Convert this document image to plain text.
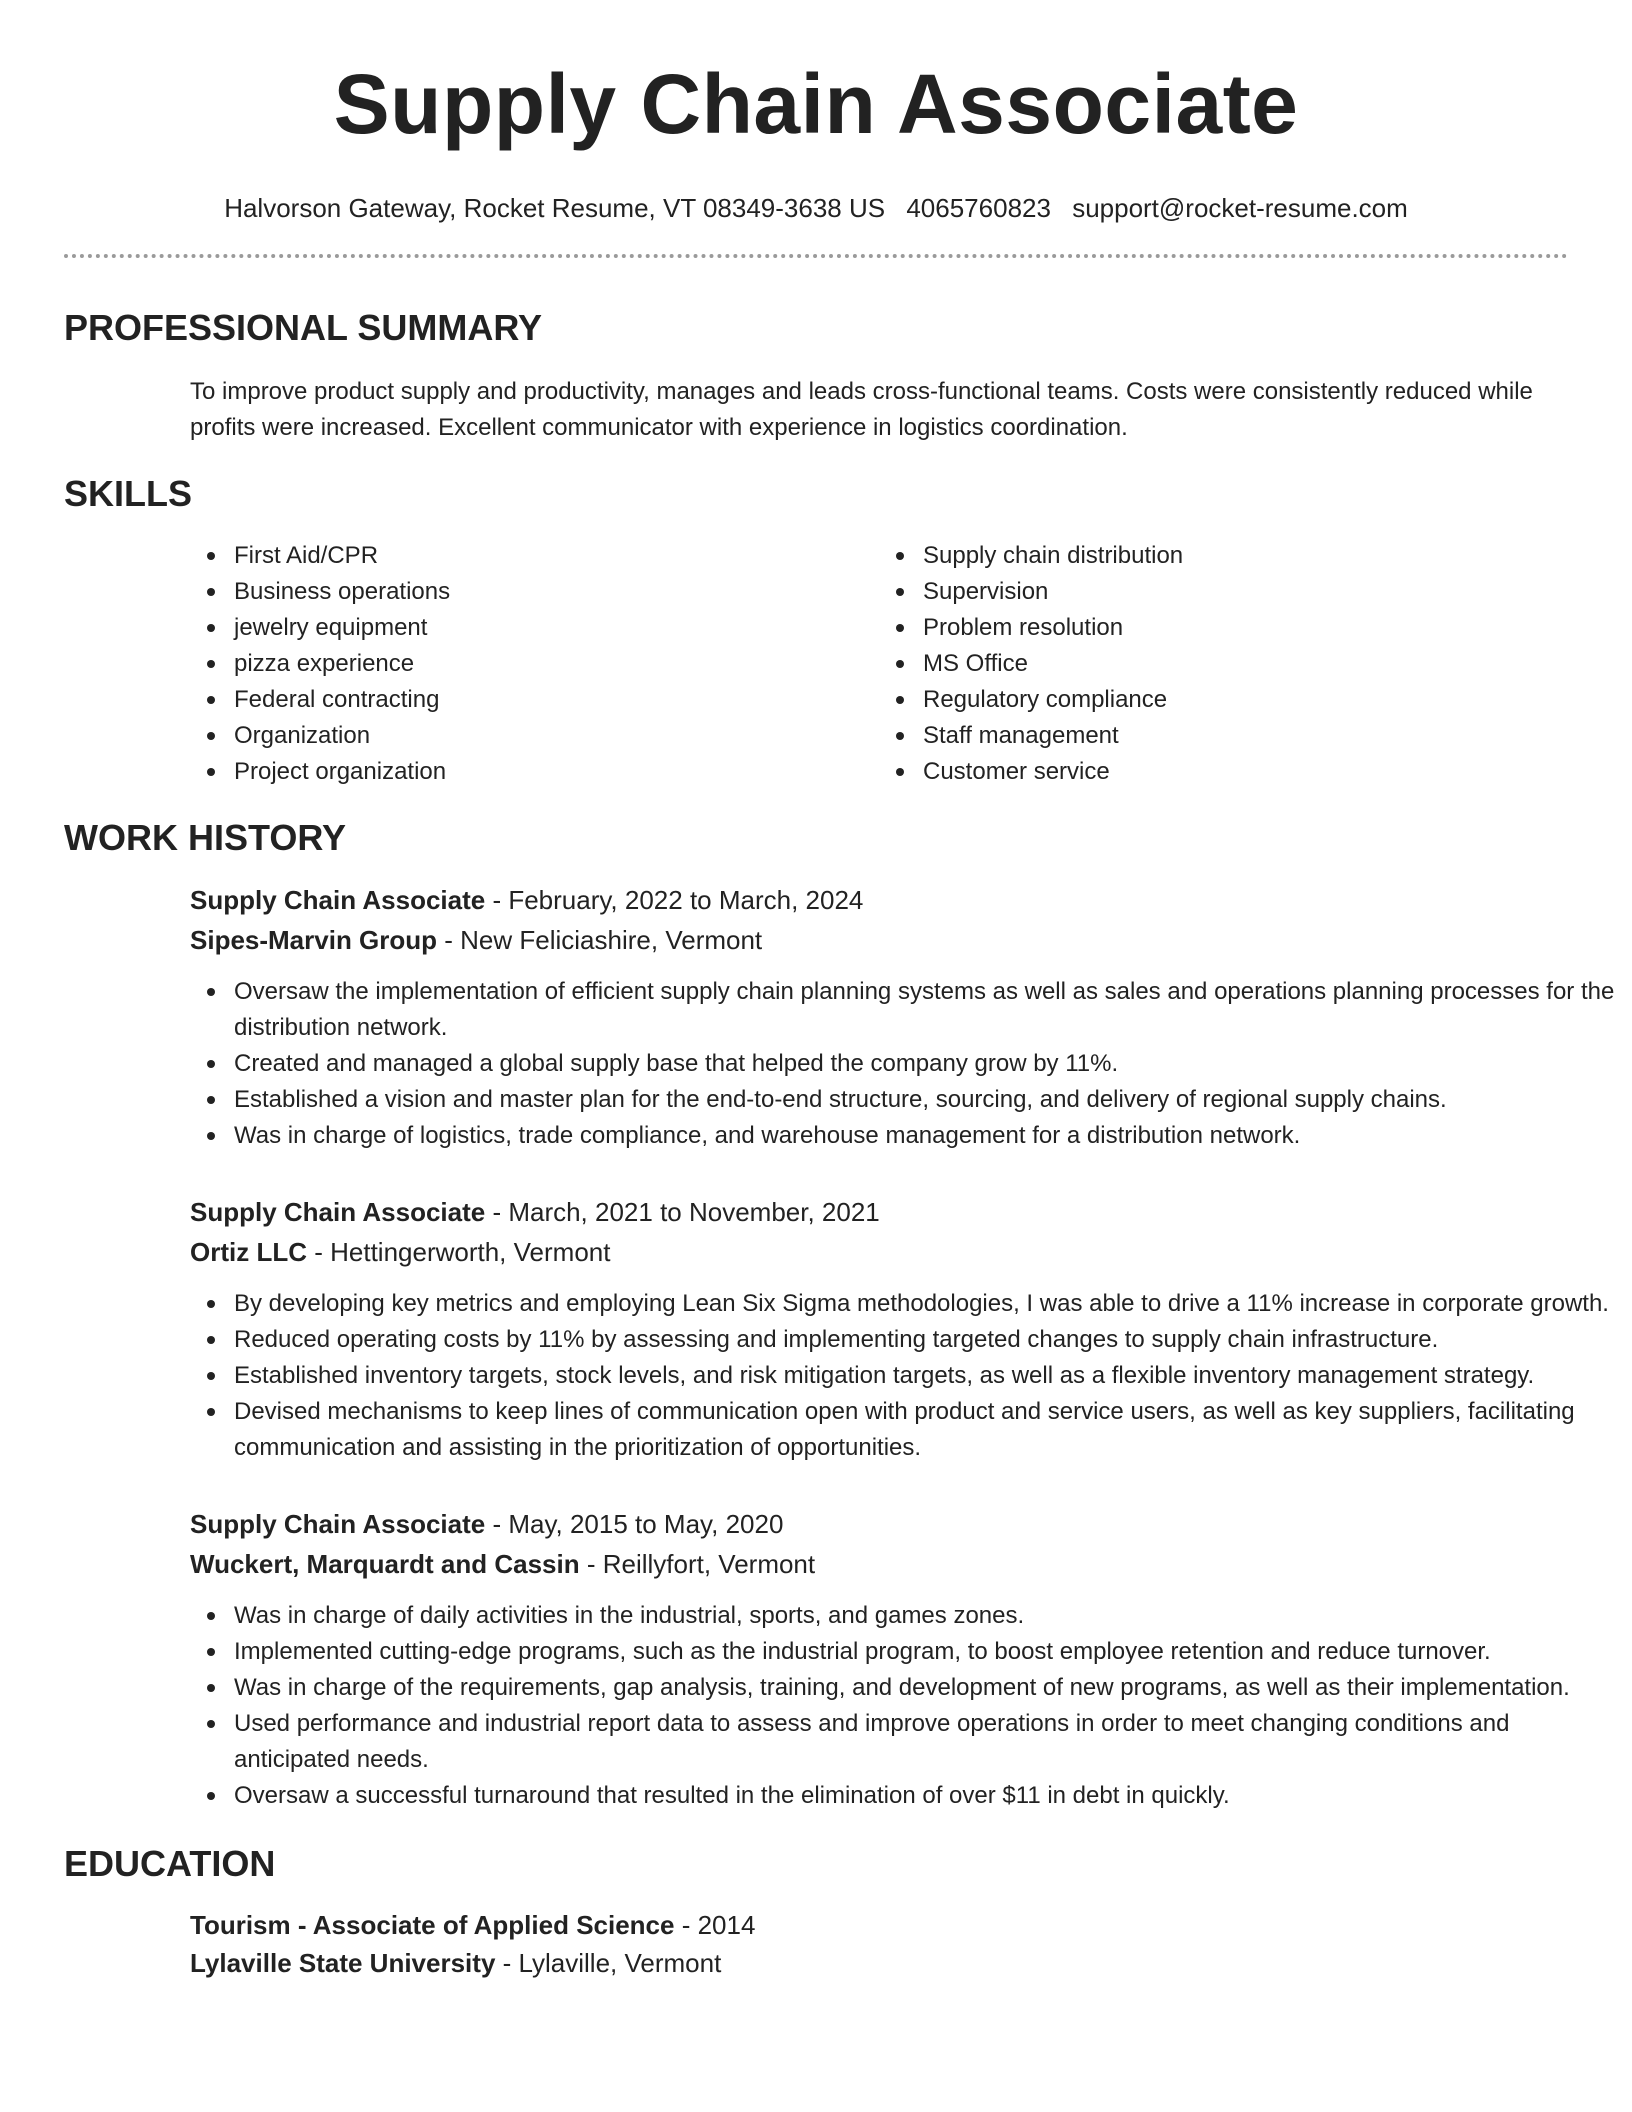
Supply Chain Associate
Halvorson Gateway, Rocket Resume, VT 08349-3638 US 4065760823 support@rocket-resume.com
PROFESSIONAL SUMMARY

To improve product supply and productivity, manages and leads cross-functional teams. Costs were consistently reduced while profits were increased. Excellent communicator with experience in logistics coordination.

SKILLS
First Aid/CPR
Business operations
jewelry equipment
pizza experience
Federal contracting
Organization
Project organization
Supply chain distribution
Supervision
Problem resolution
MS Office
Regulatory compliance
Staff management
Customer service
WORK HISTORY
Supply Chain Associate - February, 2022 to March, 2024
Sipes-Marvin Group - New Feliciashire, Vermont
Oversaw the implementation of efficient supply chain planning systems as well as sales and operations planning processes for the distribution network.
Created and managed a global supply base that helped the company grow by 11%.
Established a vision and master plan for the end-to-end structure, sourcing, and delivery of regional supply chains.
Was in charge of logistics, trade compliance, and warehouse management for a distribution network.
Supply Chain Associate - March, 2021 to November, 2021
Ortiz LLC - Hettingerworth, Vermont
By developing key metrics and employing Lean Six Sigma methodologies, I was able to drive a 11% increase in corporate growth.
Reduced operating costs by 11% by assessing and implementing targeted changes to supply chain infrastructure.
Established inventory targets, stock levels, and risk mitigation targets, as well as a flexible inventory management strategy.
Devised mechanisms to keep lines of communication open with product and service users, as well as key suppliers, facilitating communication and assisting in the prioritization of opportunities.
Supply Chain Associate - May, 2015 to May, 2020
Wuckert, Marquardt and Cassin - Reillyfort, Vermont
Was in charge of daily activities in the industrial, sports, and games zones.
Implemented cutting-edge programs, such as the industrial program, to boost employee retention and reduce turnover.
Was in charge of the requirements, gap analysis, training, and development of new programs, as well as their implementation.
Used performance and industrial report data to assess and improve operations in order to meet changing conditions and anticipated needs.
Oversaw a successful turnaround that resulted in the elimination of over $11 in debt in quickly.
EDUCATION
Tourism - Associate of Applied Science - 2014
Lylaville State University - Lylaville, Vermont
